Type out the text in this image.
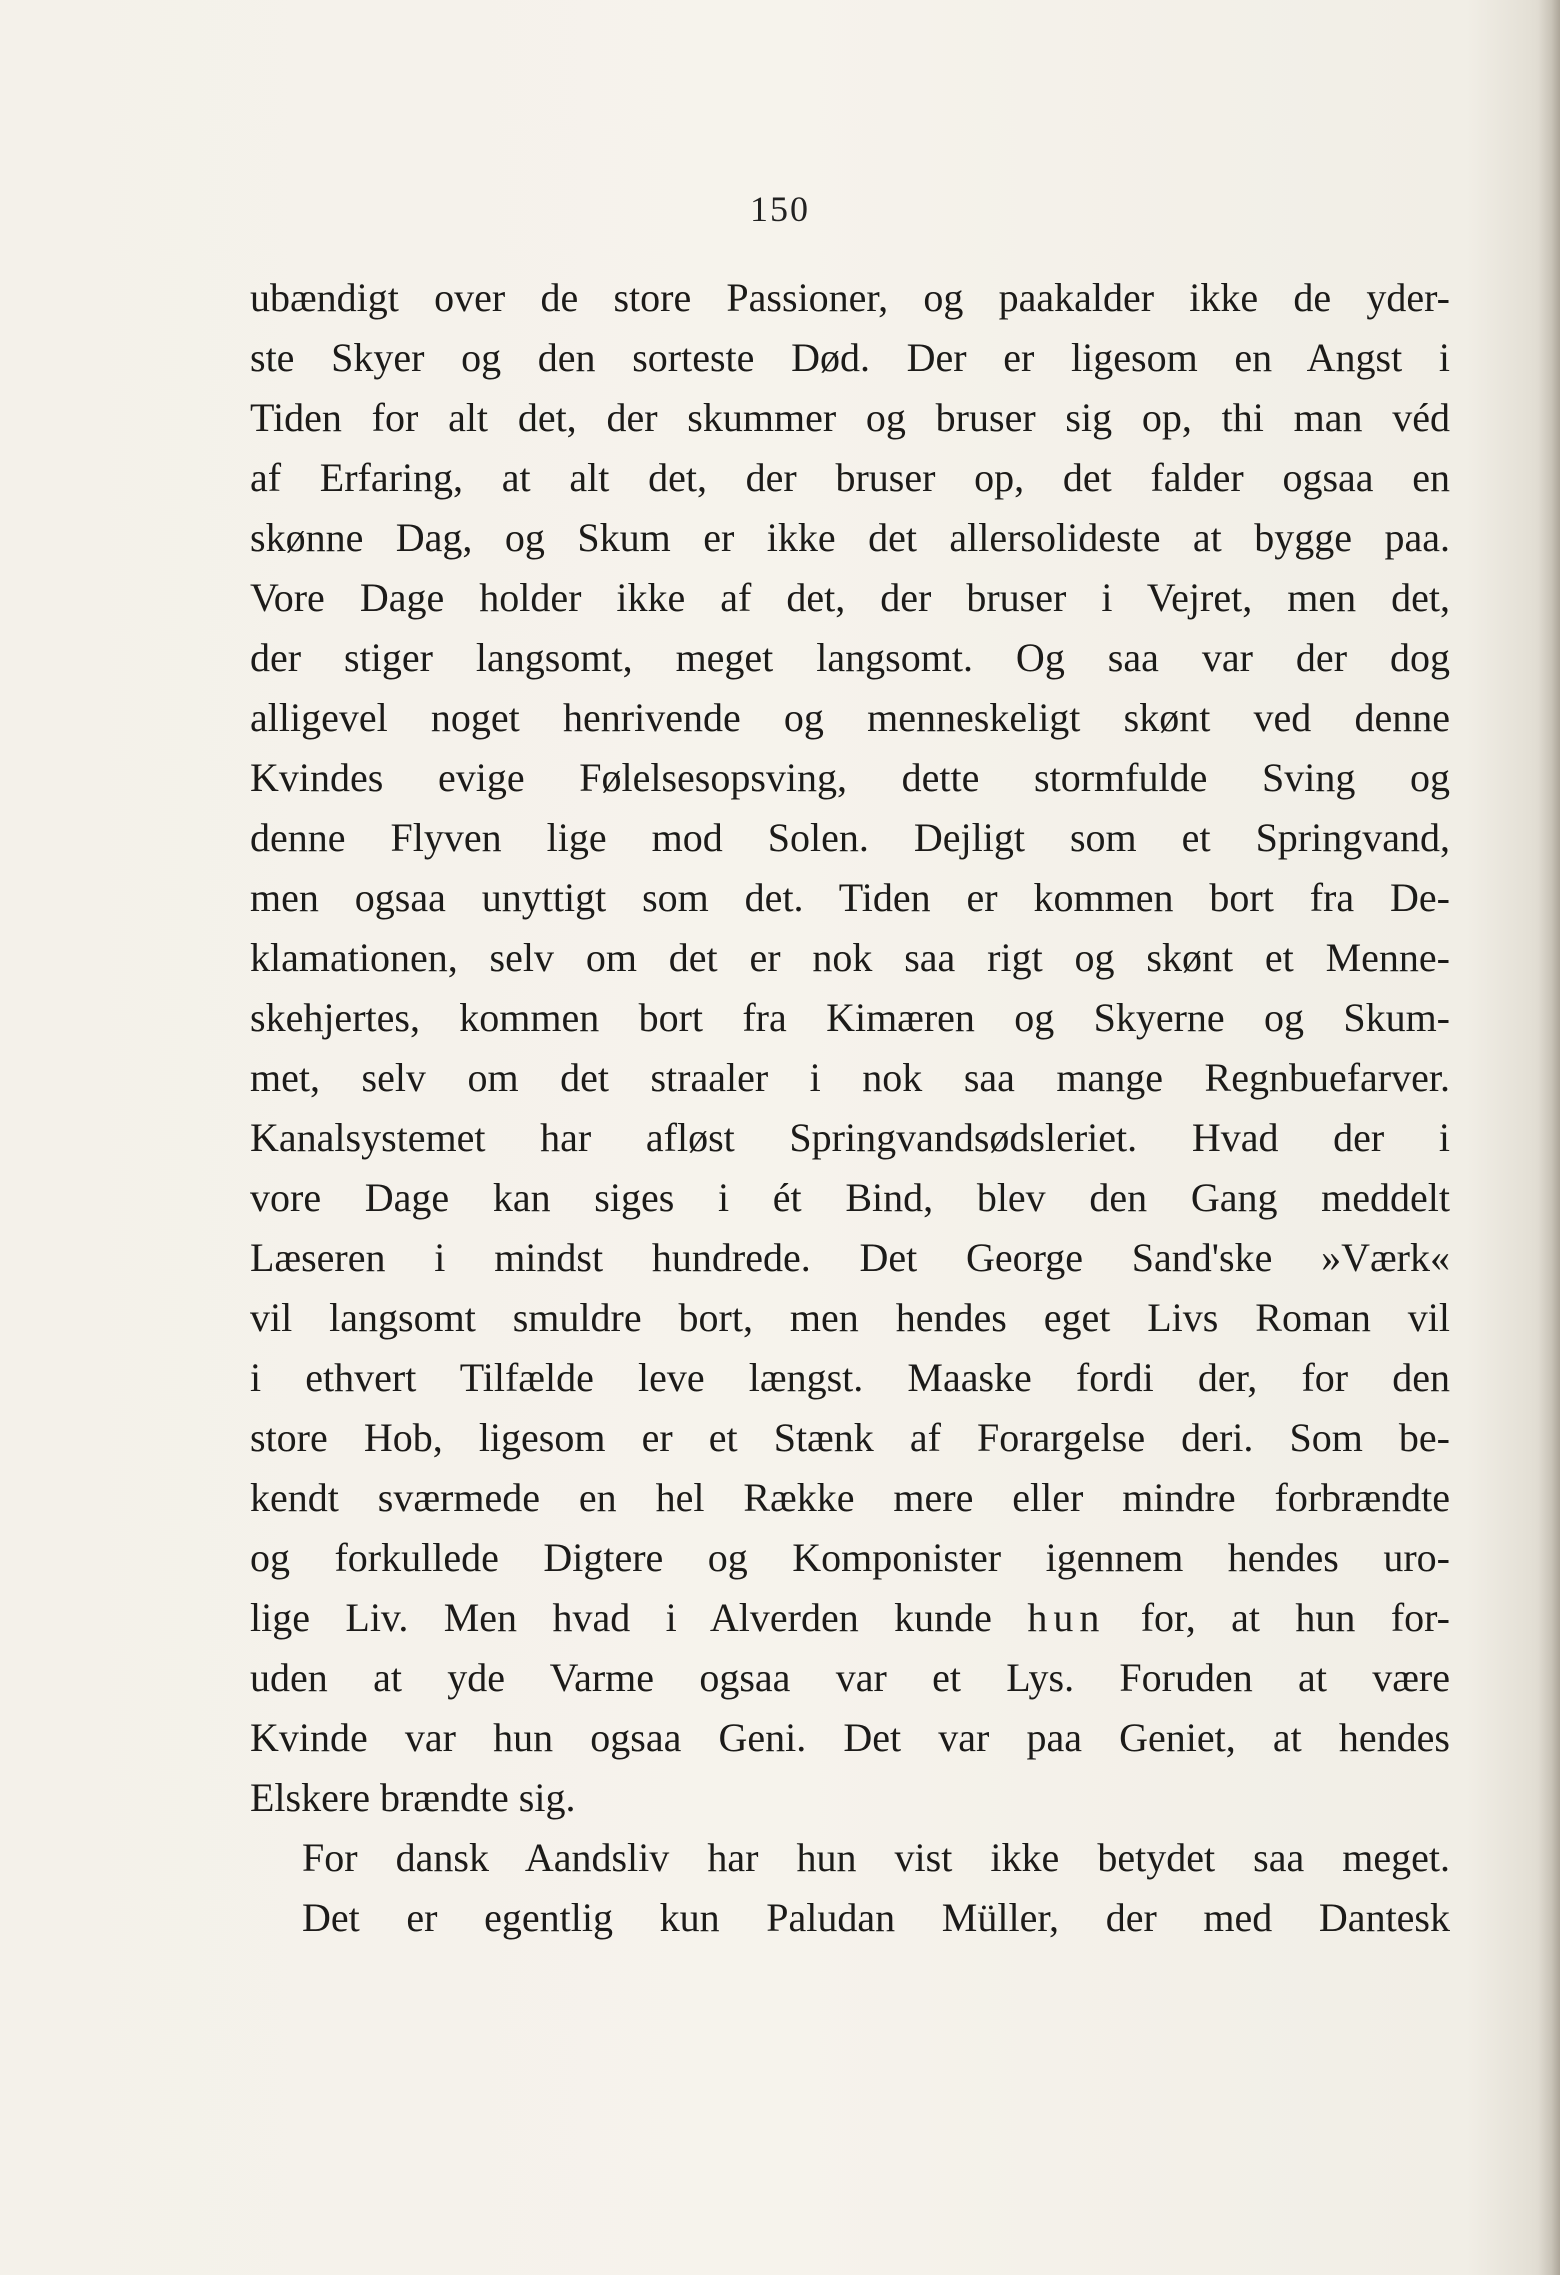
150
ubændigt over de store Passioner, og paakalder ikke de yder-
ste Skyer og den sorteste Død. Der er ligesom en Angst i
Tiden for alt det, der skummer og bruser sig op, thi man véd
af Erfaring, at alt det, der bruser op, det falder ogsaa en
skønne Dag, og Skum er ikke det allersolideste at bygge paa.
Vore Dage holder ikke af det, der bruser i Vejret, men det,
der stiger langsomt, meget langsomt. Og saa var der dog
alligevel noget henrivende og menneskeligt skønt ved denne
Kvindes evige Følelsesopsving, dette stormfulde Sving og
denne Flyven lige mod Solen. Dejligt som et Springvand,
men ogsaa unyttigt som det. Tiden er kommen bort fra De-
klamationen, selv om det er nok saa rigt og skønt et Menne-
skehjertes, kommen bort fra Kimæren og Skyerne og Skum-
met, selv om det straaler i nok saa mange Regnbuefarver.
Kanalsystemet har afløst Springvandsødsleriet. Hvad der i
vore Dage kan siges i ét Bind, blev den Gang meddelt
Læseren i mindst hundrede. Det George Sand'ske »Værk«
vil langsomt smuldre bort, men hendes eget Livs Roman vil
i ethvert Tilfælde leve længst. Maaske fordi der, for den
store Hob, ligesom er et Stænk af Forargelse deri. Som be-
kendt sværmede en hel Række mere eller mindre forbrændte
og forkullede Digtere og Komponister igennem hendes uro-
lige Liv. Men hvad i Alverden kunde hun for, at hun for-
uden at yde Varme ogsaa var et Lys. Foruden at være
Kvinde var hun ogsaa Geni. Det var paa Geniet, at hendes
Elskere brændte sig.
For dansk Aandsliv har hun vist ikke betydet saa meget.
Det er egentlig kun Paludan Müller, der med Dantesk
